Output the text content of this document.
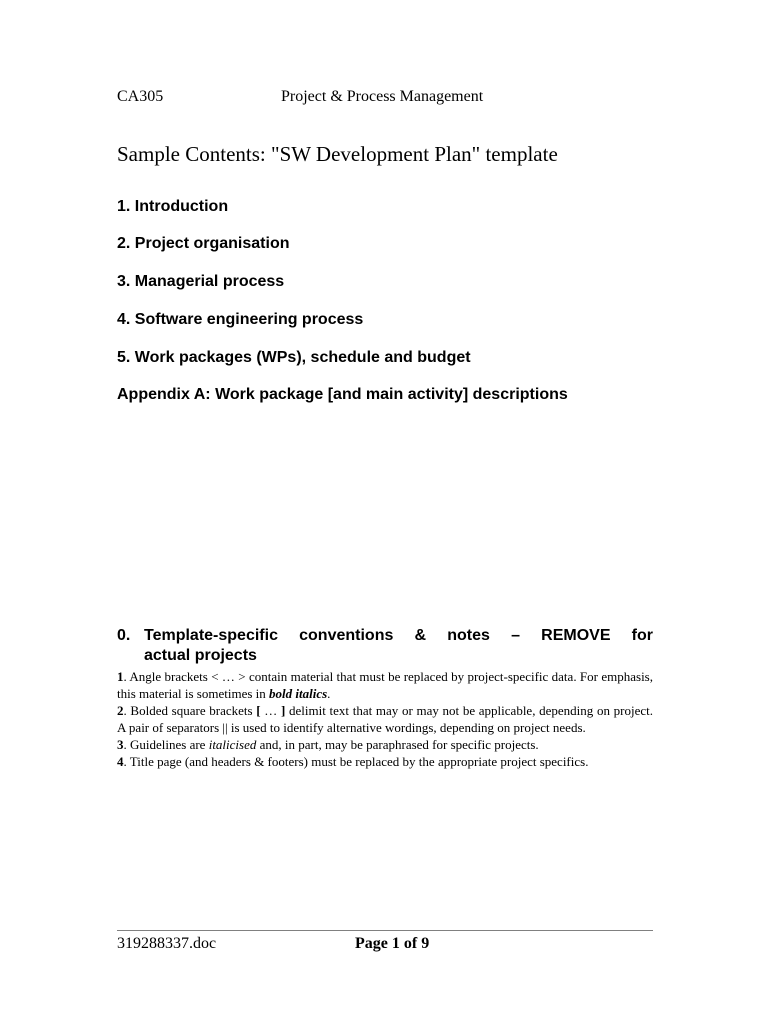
CA305	Project & Process Management
Sample Contents: "SW Development Plan" template
1. Introduction
2. Project organisation
3. Managerial process
4. Software engineering process
5. Work packages (WPs), schedule and budget
Appendix A: Work package [and main activity] descriptions
0. Template-specific conventions & notes – REMOVE for
actual projects

1. Angle brackets < … > contain material that must be replaced by project-specific data. For emphasis, this material is sometimes in bold italics.

2. Bolded square brackets [ … ] delimit text that may or may not be applicable, depending on project. A pair of separators || is used to identify alternative wordings, depending on project needs.

3. Guidelines are italicised and, in part, may be paraphrased for specific projects.

4. Title page (and headers & footers) must be replaced by the appropriate project specifics.

319288337.doc	Page 1 of 9
